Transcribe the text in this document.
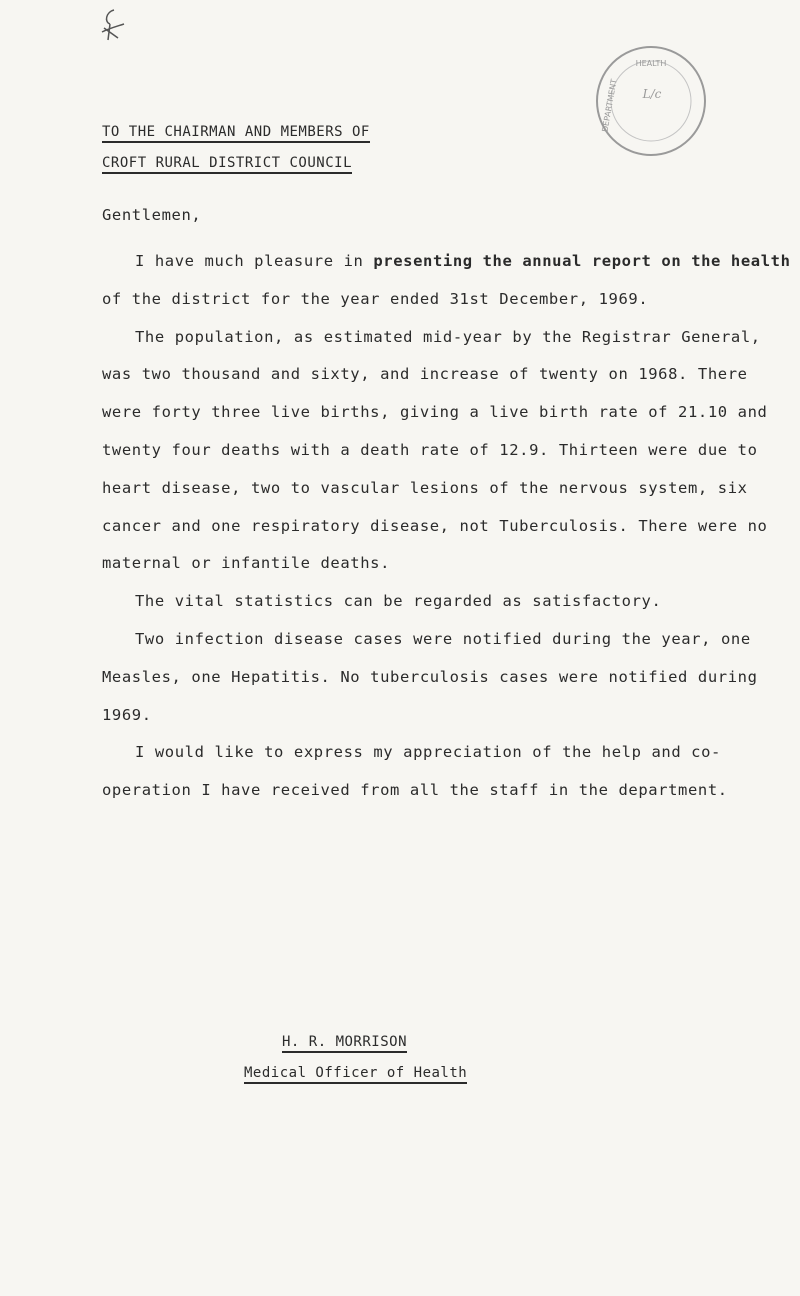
HEALTH
DEPARTMENT L/c
TO THE CHAIRMAN AND MEMBERS OF
CROFT RURAL DISTRICT COUNCIL
Gentlemen,

I have much pleasure in presenting the annual report on the health

of the district for the year ended 31st December, 1969.

The population, as estimated mid-year by the Registrar General, was two thousand and sixty, and increase of twenty on 1968. There were forty three live births, giving a live birth rate of 21.10 and twenty four deaths with a death rate of 12.9. Thirteen were due to heart disease, two to vascular lesions of the nervous system, six cancer and one respiratory disease, not Tuberculosis. There were no maternal or infantile deaths.

The vital statistics can be regarded as satisfactory.

Two infection disease cases were notified during the year, one Measles, one Hepatitis. No tuberculosis cases were notified during 1969.

I would like to express my appreciation of the help and co-operation I have received from all the staff in the department.

H. R. MORRISON
Medical Officer of Health
